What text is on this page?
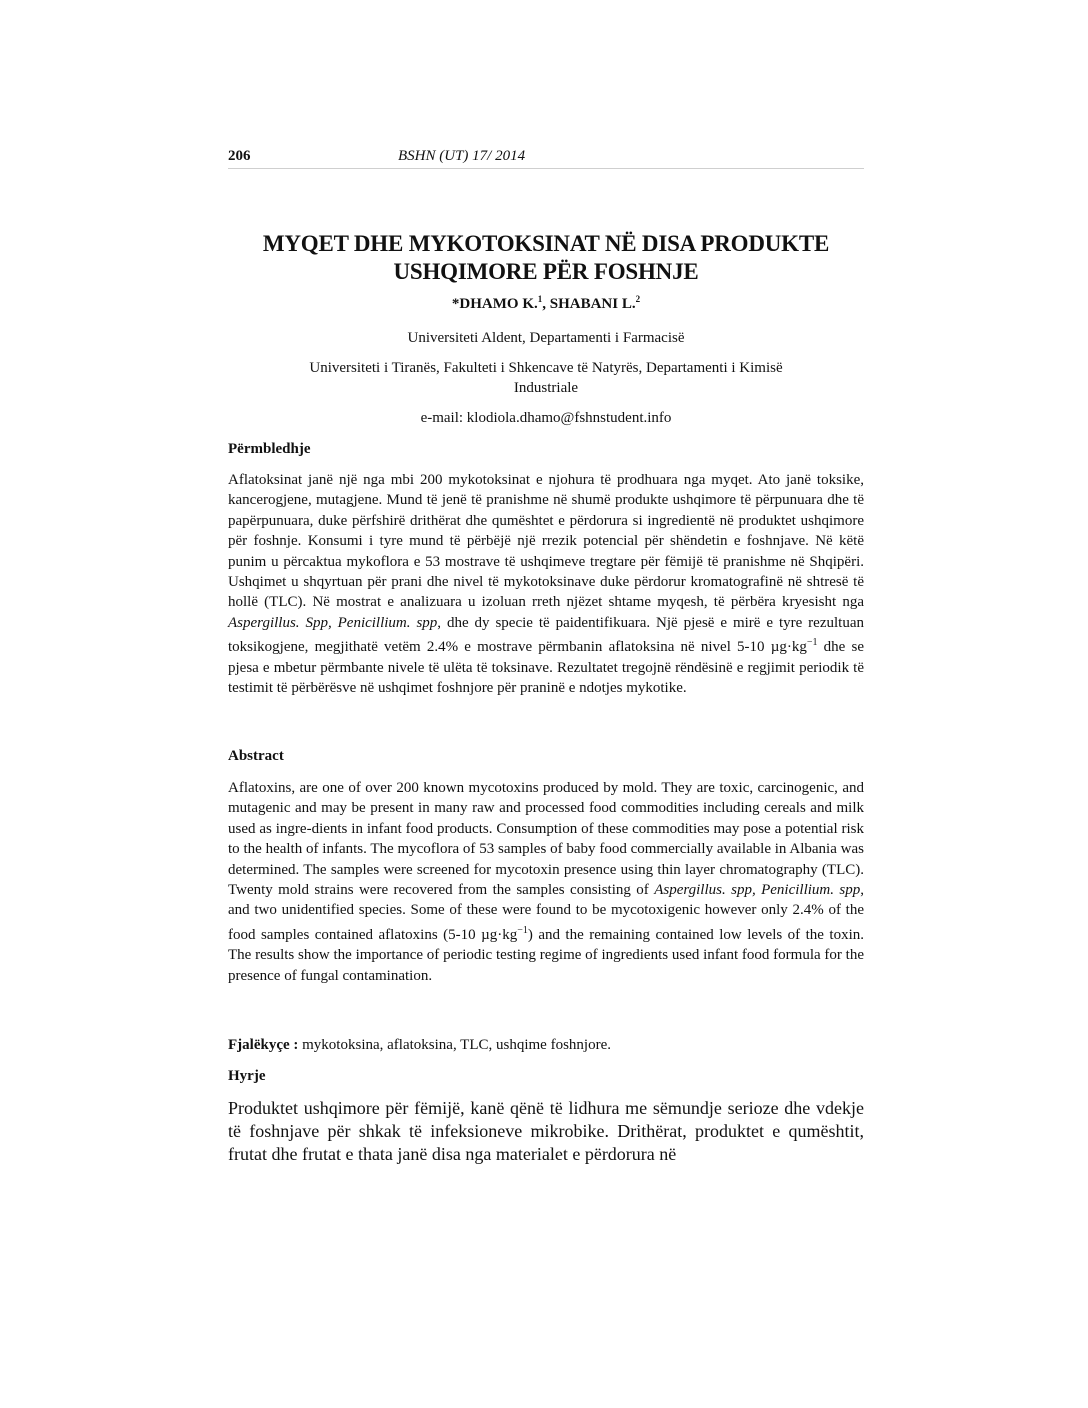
206	BSHN (UT) 17/ 2014
MYQET DHE MYKOTOKSINAT NË DISA PRODUKTE
USHQIMORE PËR FOSHNJE
*DHAMO K.$^1$, SHABANI L.$^2$
Universiteti Aldent, Departamenti i Farmacisë
Universiteti i Tiranës, Fakulteti i Shkencave të Natyrës, Departamenti i Kimisë
Industriale
e-mail: klodiola.dhamo@fshnstudent.info
Përmbledhje
Aflatoksinat janë një nga mbi 200 mykotoksinat e njohura të prodhuara nga myqet. Ato janë toksike, kancerogjene, mutagjene. Mund të jenë të pranishme në shumë produkte ushqimore të përpunuara dhe të papërpunuara, duke përfshirë drithërat dhe qumështet e përdorura si ingredientë në produktet ushqimore për foshnje. Konsumi i tyre mund të përbëjë një rrezik potencial për shëndetin e foshnjave. Në këtë punim u përcaktua mykoflora e 53 mostrave të ushqimeve tregtare për fëmijë të pranishme në Shqipëri. Ushqimet u shqyrtuan për prani dhe nivel të mykotoksinave duke përdorur kromatografinë në shtresë të hollë (TLC). Në mostrat e analizuara u izoluan rreth njëzet shtame myqesh, të përbëra kryesisht nga Aspergillus. Spp, Penicillium. spp, dhe dy specie të paidentifikuara. Një pjesë e mirë e tyre rezultuan toksikogjene, megjithatë vetëm 2.4% e mostrave përmbanin aflatoksina në nivel 5-10 $\mu g\cdot kg^{-1}$ dhe se pjesa e mbetur përmbante nivele të ulëta të toksinave. Rezultatet tregojnë rëndësinë e regjimit periodik të testimit të përbërësve në ushqimet foshnjore për praninë e ndotjes mykotike.
Abstract
Aflatoxins, are one of over 200 known mycotoxins produced by mold. They are toxic, carcinogenic, and mutagenic and may be present in many raw and processed food commodities including cereals and milk used as ingre-dients in infant food products. Consumption of these commodities may pose a potential risk to the health of infants. The mycoflora of 53 samples of baby food commercially available in Albania was determined. The samples were screened for mycotoxin presence using thin layer chromatography (TLC). Twenty mold strains were recovered from the samples consisting of Aspergillus. spp, Penicillium. spp, and two unidentified species. Some of these were found to be mycotoxigenic however only 2.4% of the food samples contained aflatoxins (5-10 $\mu g\cdot kg^{-1}$) and the remaining contained low levels of the toxin. The results show the importance of periodic testing regime of ingredients used infant food formula for the presence of fungal contamination.
Fjalëkyçe : mykotoksina, aflatoksina, TLC, ushqime foshnjore.
Hyrje
Produktet ushqimore për fëmijë, kanë qënë të lidhura me sëmundje serioze dhe vdekje të foshnjave për shkak të infeksioneve mikrobike. Drithërat, produktet e qumështit, frutat dhe frutat e thata janë disa nga materialet e përdorura në
